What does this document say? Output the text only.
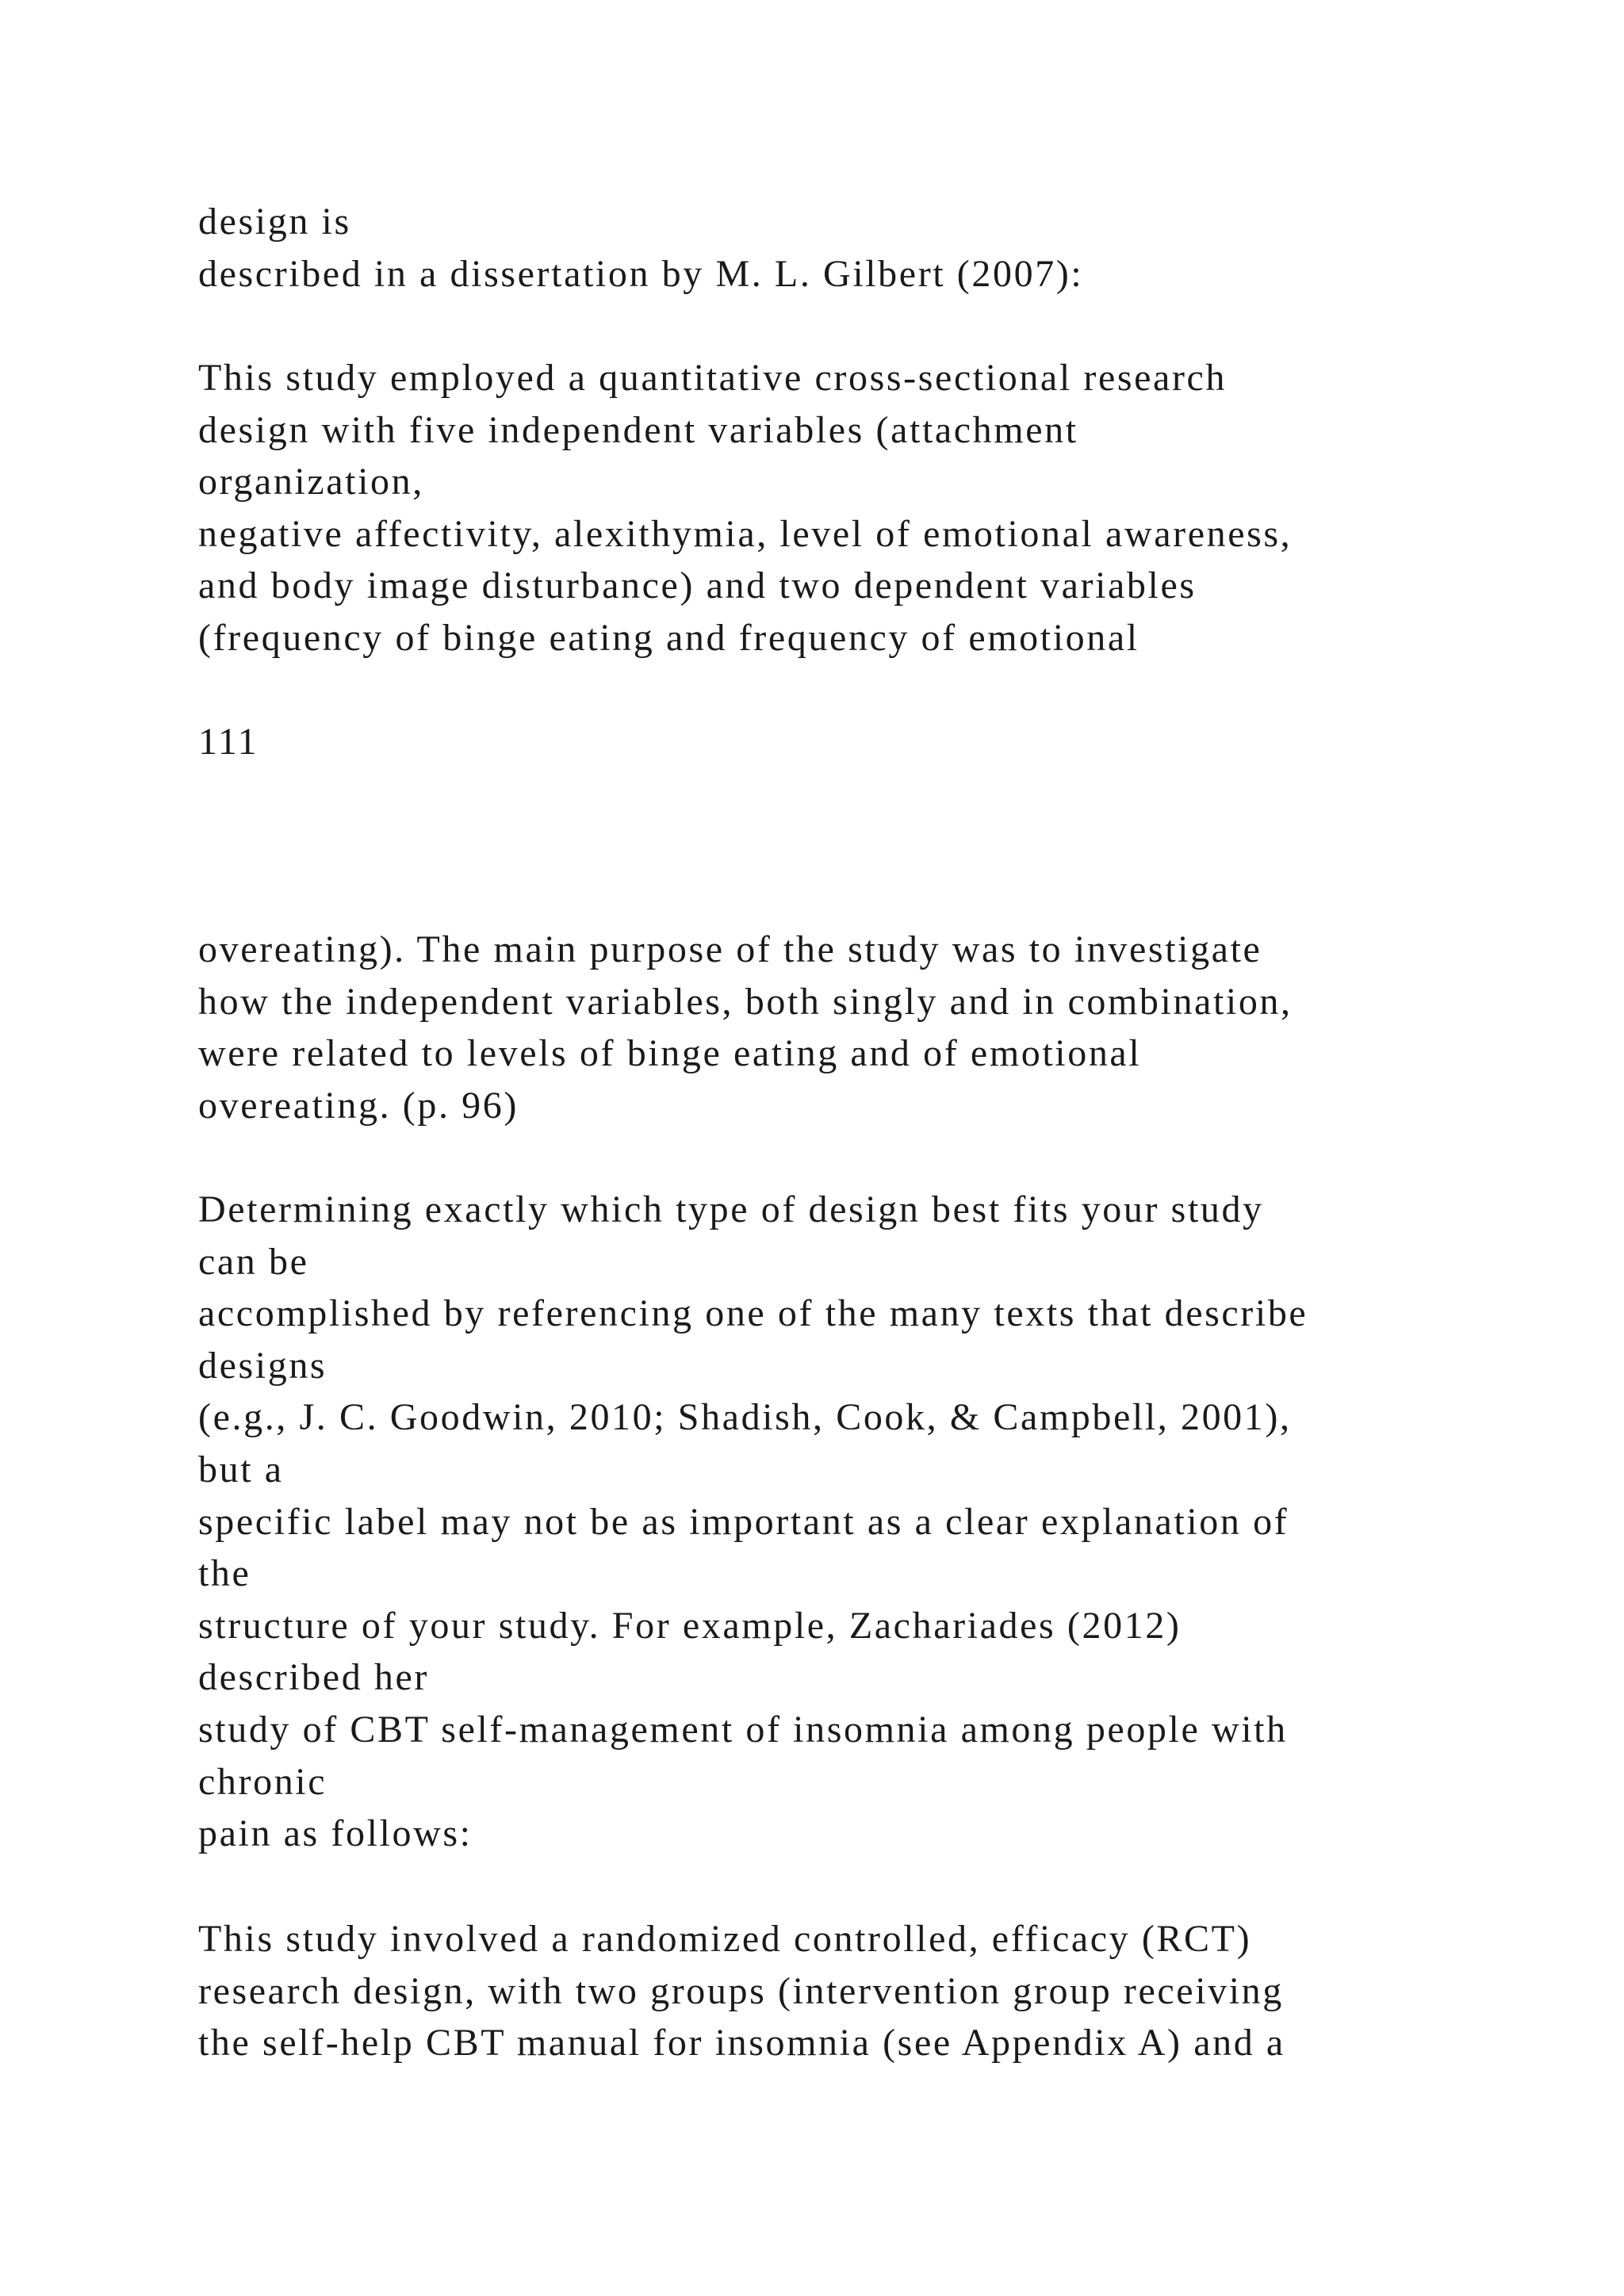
design is
described in a dissertation by M. L. Gilbert (2007):
This study employed a quantitative cross-sectional research
design with five independent variables (attachment
organization,
negative affectivity, alexithymia, level of emotional awareness,
and body image disturbance) and two dependent variables
(frequency of binge eating and frequency of emotional
111
overeating). The main purpose of the study was to investigate
how the independent variables, both singly and in combination,
were related to levels of binge eating and of emotional
overeating. (p. 96)
Determining exactly which type of design best fits your study
can be
accomplished by referencing one of the many texts that describe
designs
(e.g., J. C. Goodwin, 2010; Shadish, Cook, & Campbell, 2001),
but a
specific label may not be as important as a clear explanation of
the
structure of your study. For example, Zachariades (2012)
described her
study of CBT self-management of insomnia among people with
chronic
pain as follows:
This study involved a randomized controlled, efficacy (RCT)
research design, with two groups (intervention group receiving
the self-help CBT manual for insomnia (see Appendix A) and a
